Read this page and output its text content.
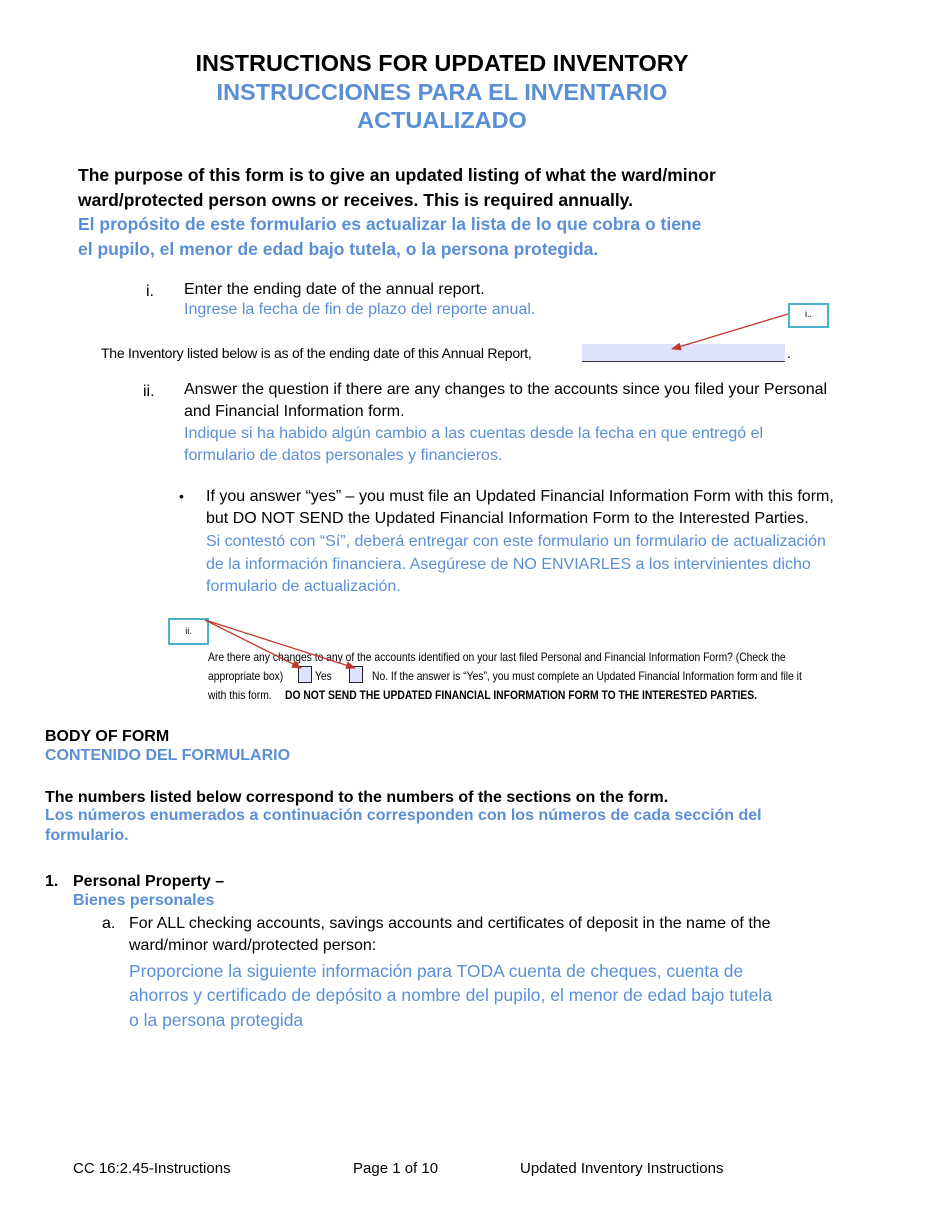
INSTRUCTIONS FOR UPDATED INVENTORY
INSTRUCCIONES PARA EL INVENTARIO
ACTUALIZADO
The purpose of this form is to give an updated listing of what the ward/minor
ward/protected person owns or receives. This is required annually.
El propósito de este formulario es actualizar la lista de lo que cobra o tiene
el pupilo, el menor de edad bajo tutela, o la persona protegida.
i. Enter the ending date of the annual report.
Ingrese la fecha de fin de plazo del reporte anual.	i..
The Inventory listed below is as of the ending date of this Annual Report,	.
ii. Answer the question if there are any changes to the accounts since you filed your Personal
and Financial Information form.
Indique si ha habido algún cambio a las cuentas desde la fecha en que entregó el
formulario de datos personales y financieros.
• If you answer “yes” – you must file an Updated Financial Information Form with this form,
but DO NOT SEND the Updated Financial Information Form to the Interested Parties.
Si contestó con “Sí”, deberá entregar con este formulario un formulario de actualización
de la información financiera. Asegúrese de NO ENVIARLES a los intervinientes dicho
formulario de actualización.
ii.
Are there any changes to any of the accounts identified on your last filed Personal and Financial Information Form? (Check the
appropriate box)	Yes	No. If the answer is “Yes”, you must complete an Updated Financial Information form and file it
with this form. DO NOT SEND THE UPDATED FINANCIAL INFORMATION FORM TO THE INTERESTED PARTIES.
BODY OF FORM
CONTENIDO DEL FORMULARIO
The numbers listed below correspond to the numbers of the sections on the form.
Los números enumerados a continuación corresponden con los números de cada sección del
formulario.
1. Personal Property –
Bienes personales
a. For ALL checking accounts, savings accounts and certificates of deposit in the name of the
ward/minor ward/protected person:
Proporcione la siguiente información para TODA cuenta de cheques, cuenta de
ahorros y certificado de depósito a nombre del pupilo, el menor de edad bajo tutela
o la persona protegida
CC 16:2.45-Instructions	Page 1 of 10	Updated Inventory Instructions
